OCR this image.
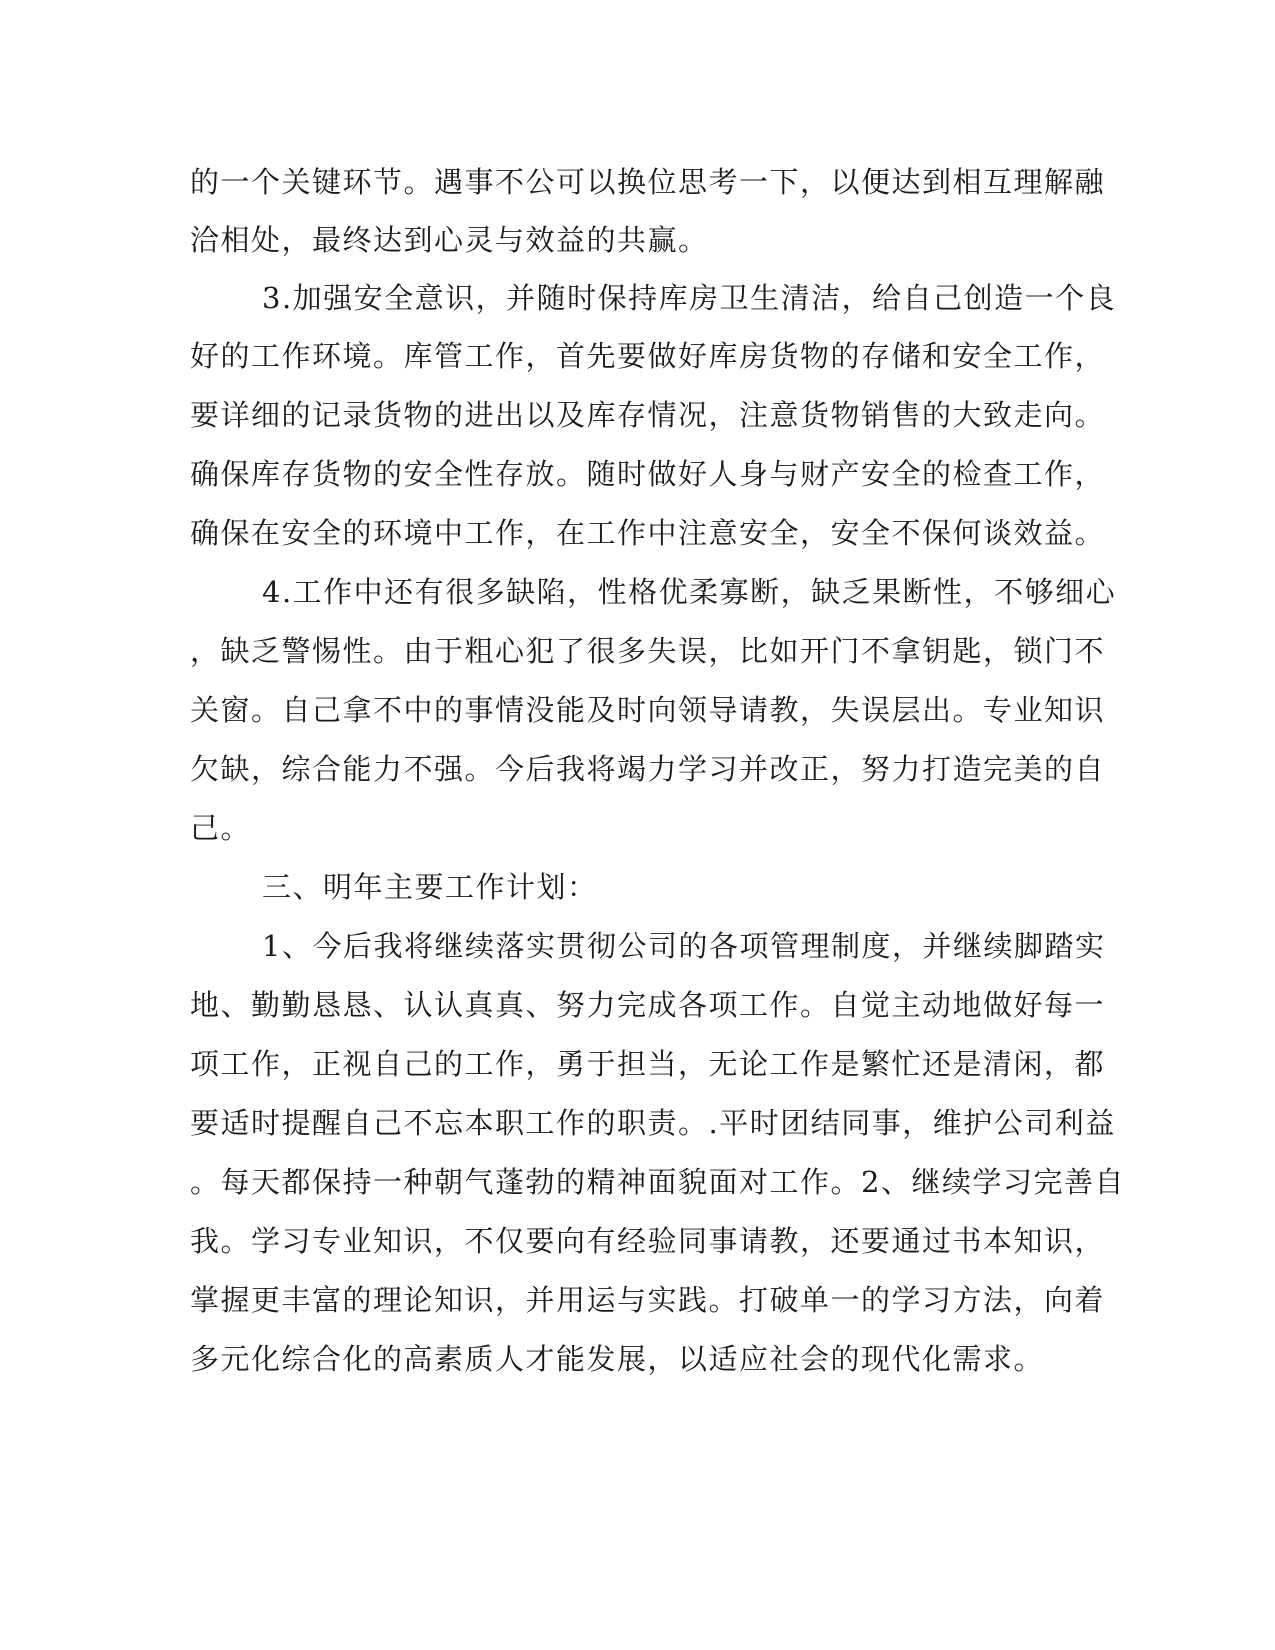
的一个关键环节。遇事不公可以换位思考一下，以便达到相互理解融
洽相处，最终达到心灵与效益的共赢。
3.加强安全意识，并随时保持库房卫生清洁，给自己创造一个良
好的工作环境。库管工作，首先要做好库房货物的存储和安全工作，
要详细的记录货物的进出以及库存情况，注意货物销售的大致走向。
确保库存货物的安全性存放。随时做好人身与财产安全的检查工作，
确保在安全的环境中工作，在工作中注意安全，安全不保何谈效益。
4.工作中还有很多缺陷，性格优柔寡断，缺乏果断性，不够细心
，缺乏警惕性。由于粗心犯了很多失误，比如开门不拿钥匙，锁门不
关窗。自己拿不中的事情没能及时向领导请教，失误层出。专业知识
欠缺，综合能力不强。今后我将竭力学习并改正，努力打造完美的自
己。
三、明年主要工作计划：
1、今后我将继续落实贯彻公司的各项管理制度，并继续脚踏实
地、勤勤恳恳、认认真真、努力完成各项工作。自觉主动地做好每一
项工作，正视自己的工作，勇于担当，无论工作是繁忙还是清闲，都
要适时提醒自己不忘本职工作的职责。.平时团结同事，维护公司利益
。每天都保持一种朝气蓬勃的精神面貌面对工作。2、继续学习完善自
我。学习专业知识，不仅要向有经验同事请教，还要通过书本知识，
掌握更丰富的理论知识，并用运与实践。打破单一的学习方法，向着
多元化综合化的高素质人才能发展，以适应社会的现代化需求。
